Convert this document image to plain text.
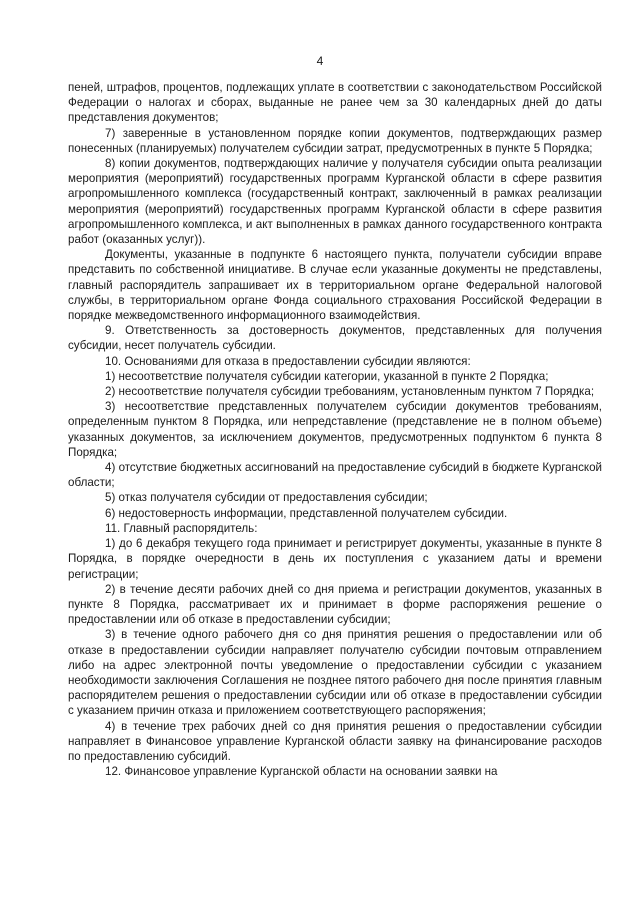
4

пеней, штрафов, процентов, подлежащих уплате в соответствии с законодательством Российской Федерации о налогах и сборах, выданные не ранее чем за 30 календарных дней до даты представления документов;

7) заверенные в установленном порядке копии документов, подтверждающих размер понесенных (планируемых) получателем субсидии затрат, предусмотренных в пункте 5 Порядка;

8) копии документов, подтверждающих наличие у получателя субсидии опыта реализации мероприятия (мероприятий) государственных программ Курганской области в сфере развития агропромышленного комплекса (государственный контракт, заключенный в рамках реализации мероприятия (мероприятий) государственных программ Курганской области в сфере развития агропромышленного комплекса, и акт выполненных в рамках данного государственного контракта работ (оказанных услуг)).

Документы, указанные в подпункте 6 настоящего пункта, получатели субсидии вправе представить по собственной инициативе. В случае если указанные документы не представлены, главный распорядитель запрашивает их в территориальном органе Федеральной налоговой службы, в территориальном органе Фонда социального страхования Российской Федерации в порядке межведомственного информационного взаимодействия.

9. Ответственность за достоверность документов, представленных для получения субсидии, несет получатель субсидии.

10. Основаниями для отказа в предоставлении субсидии являются:

1) несоответствие получателя субсидии категории, указанной в пункте 2 Порядка;

2) несоответствие получателя субсидии требованиям, установленным пунктом 7 Порядка;

3) несоответствие представленных получателем субсидии документов требованиям, определенным пунктом 8 Порядка, или непредставление (представление не в полном объеме) указанных документов, за исключением документов, предусмотренных подпунктом 6 пункта 8 Порядка;

4) отсутствие бюджетных ассигнований на предоставление субсидий в бюджете Курганской области;

5) отказ получателя субсидии от предоставления субсидии;

6) недостоверность информации, представленной получателем субсидии.

11. Главный распорядитель:

1) до 6 декабря текущего года принимает и регистрирует документы, указанные в пункте 8 Порядка, в порядке очередности в день их поступления с указанием даты и времени регистрации;

2) в течение десяти рабочих дней со дня приема и регистрации документов, указанных в пункте 8 Порядка, рассматривает их и принимает в форме распоряжения решение о предоставлении или об отказе в предоставлении субсидии;

3) в течение одного рабочего дня со дня принятия решения о предоставлении или об отказе в предоставлении субсидии направляет получателю субсидии почтовым отправлением либо на адрес электронной почты уведомление о предоставлении субсидии с указанием необходимости заключения Соглашения не позднее пятого рабочего дня после принятия главным распорядителем решения о предоставлении субсидии или об отказе в предоставлении субсидии с указанием причин отказа и приложением соответствующего распоряжения;

4) в течение трех рабочих дней со дня принятия решения о предоставлении субсидии направляет в Финансовое управление Курганской области заявку на финансирование расходов по предоставлению субсидий.

12. Финансовое управление Курганской области на основании заявки на
